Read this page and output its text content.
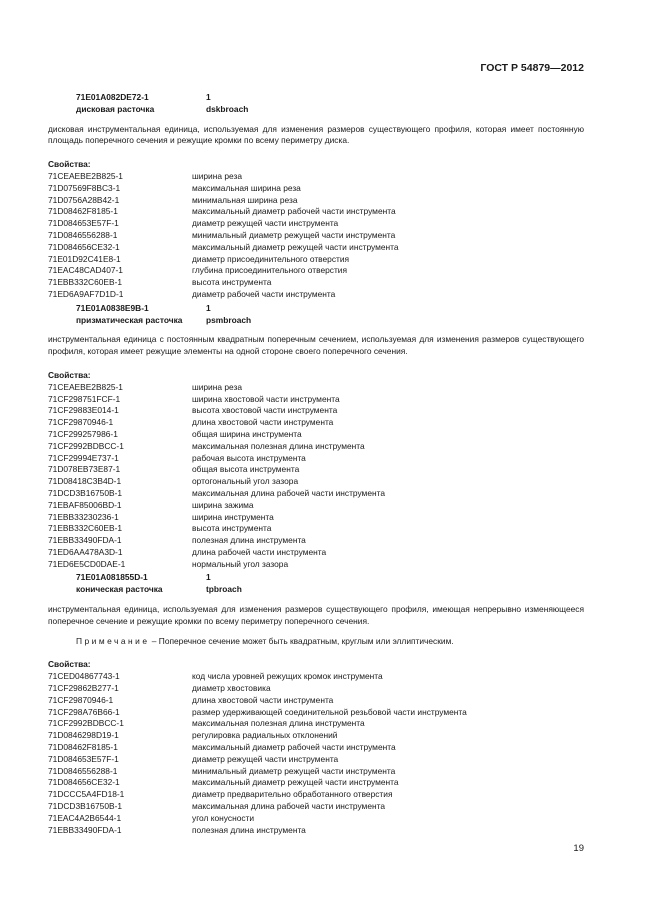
ГОСТ Р 54879—2012
71E01A082DE72-1	1
дисковая расточка	dskbroach
дисковая инструментальная единица, используемая для изменения размеров существующего профиля, которая имеет постоянную площадь поперечного сечения и режущие кромки по всему периметру диска.
Свойства:
71CEAEBE2B825-1	ширина реза
71D07569F8BC3-1	максимальная ширина реза
71D0756A28B42-1	минимальная ширина реза
71D08462F8185-1	максимальный диаметр рабочей части инструмента
71D084653E57F-1	диаметр режущей части инструмента
71D0846556288-1	минимальный диаметр режущей части инструмента
71D084656CE32-1	максимальный диаметр режущей части инструмента
71E01D92C41E8-1	диаметр присоединительного отверстия
71EAC48CAD407-1	глубина присоединительного отверстия
71EBB332C60EB-1	высота инструмента
71ED6A9AF7D1D-1	диаметр рабочей части инструмента
71E01A0838E9B-1	1
призматическая расточка	psmbroach
инструментальная единица с постоянным квадратным поперечным сечением, используемая для изменения размеров существующего профиля, которая имеет режущие элементы на одной стороне своего поперечного сечения.
Свойства:
71CEAEBE2B825-1	ширина реза
71CF298751FCF-1	ширина хвостовой части инструмента
71CF29883E014-1	высота хвостовой части инструмента
71CF29870946-1	длина хвостовой части инструмента
71CF299257986-1	общая ширина инструмента
71CF2992BDBCC-1	максимальная полезная длина инструмента
71CF29994E737-1	рабочая высота инструмента
71D078EB73E87-1	общая высота инструмента
71D08418C3B4D-1	ортогональный угол зазора
71DCD3B16750B-1	максимальная длина рабочей части инструмента
71EBAF85006BD-1	ширина зажима
71EBB33230236-1	ширина инструмента
71EBB332C60EB-1	высота инструмента
71EBB33490FDA-1	полезная длина инструмента
71ED6AA478A3D-1	длина рабочей части инструмента
71ED6E5CD0DAE-1	нормальный угол зазора
71E01A081855D-1	1
коническая расточка	tpbroach
инструментальная единица, используемая для изменения размеров существующего профиля, имеющая непрерывно изменяющееся поперечное сечение и режущие кромки по всему периметру поперечного сечения.
Примечание – Поперечное сечение может быть квадратным, круглым или эллиптическим.
Свойства:
71CED04867743-1	код числа уровней режущих кромок инструмента
71CF29862B277-1	диаметр хвостовика
71CF29870946-1	длина хвостовой части инструмента
71CF298A76B66-1	размер удерживающей соединительной резьбовой части инструмента
71CF2992BDBCC-1	максимальная полезная длина инструмента
71D0846298D19-1	регулировка радиальных отклонений
71D08462F8185-1	максимальный диаметр рабочей части инструмента
71D084653E57F-1	диаметр режущей части инструмента
71D0846556288-1	минимальный диаметр режущей части инструмента
71D084656CE32-1	максимальный диаметр режущей части инструмента
71DCCC5A4FD18-1	диаметр предварительно обработанного отверстия
71DCD3B16750B-1	максимальная длина рабочей части инструмента
71EAC4A2B6544-1	угол конусности
71EBB33490FDA-1	полезная длина инструмента
19
